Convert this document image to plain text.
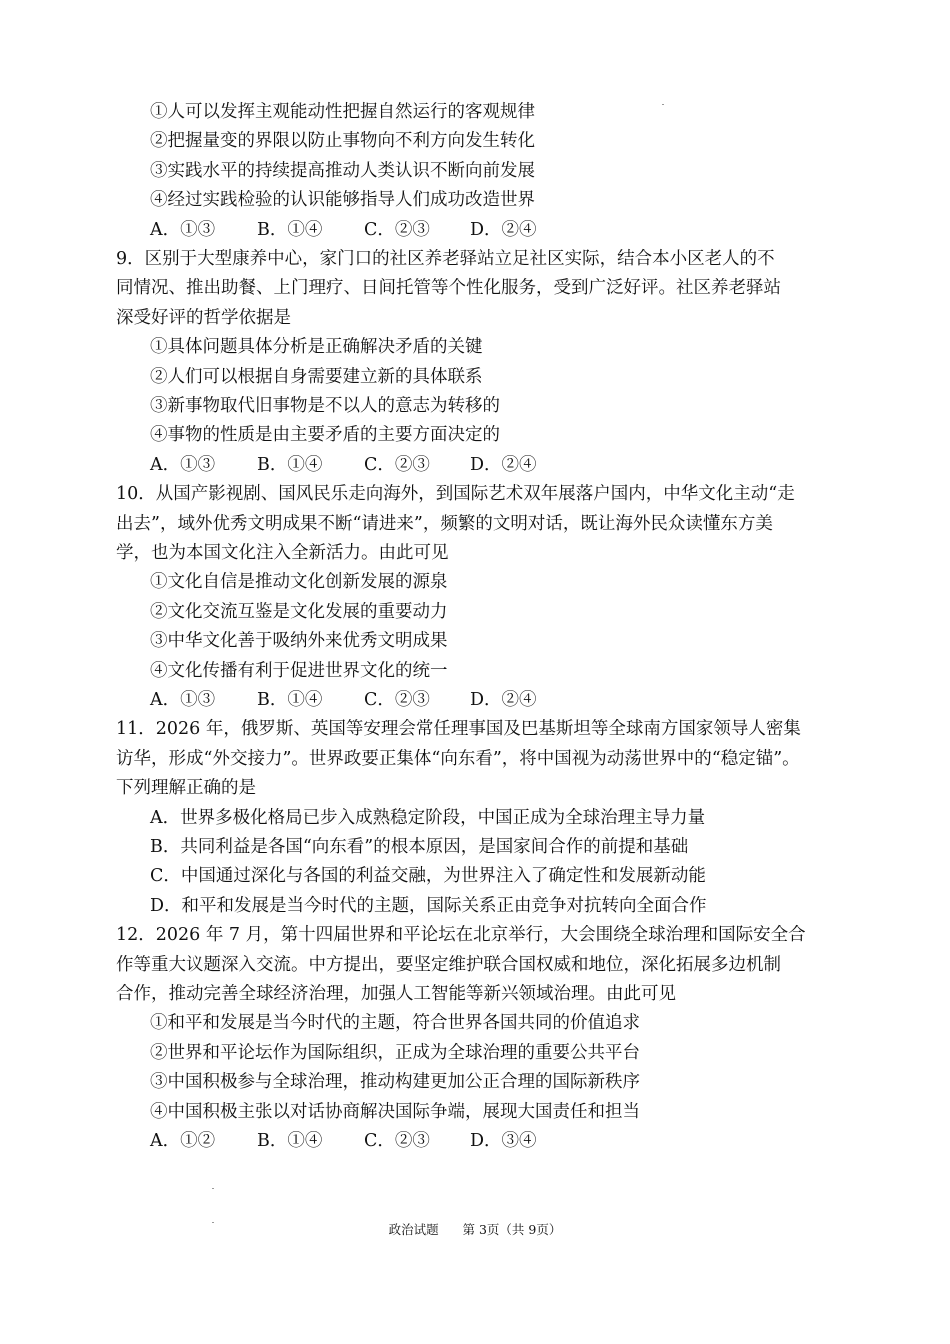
①人可以发挥主观能动性把握自然运行的客观规律
②把握量变的界限以防止事物向不利方向发生转化
③实践水平的持续提高推动人类认识不断向前发展
④经过实践检验的认识能够指导人们成功改造世界
A．①③ B．①④ C．②③ D．②④
9．区别于大型康养中心，家门口的社区养老驿站立足社区实际，结合本小区老人的不
同情况、推出助餐、上门理疗、日间托管等个性化服务，受到广泛好评。社区养老驿站
深受好评的哲学依据是
①具体问题具体分析是正确解决矛盾的关键
②人们可以根据自身需要建立新的具体联系
③新事物取代旧事物是不以人的意志为转移的
④事物的性质是由主要矛盾的主要方面决定的
A．①③ B．①④ C．②③ D．②④
10．从国产影视剧、国风民乐走向海外，到国际艺术双年展落户国内，中华文化主动“走
出去”，域外优秀文明成果不断“请进来”，频繁的文明对话，既让海外民众读懂东方美
学，也为本国文化注入全新活力。由此可见
①文化自信是推动文化创新发展的源泉
②文化交流互鉴是文化发展的重要动力
③中华文化善于吸纳外来优秀文明成果
④文化传播有利于促进世界文化的统一
A．①③ B．①④ C．②③ D．②④
11．2026 年，俄罗斯、英国等安理会常任理事国及巴基斯坦等全球南方国家领导人密集
访华，形成“外交接力”。世界政要正集体“向东看”，将中国视为动荡世界中的“稳定锚”。
下列理解正确的是
A．世界多极化格局已步入成熟稳定阶段，中国正成为全球治理主导力量
B．共同利益是各国“向东看”的根本原因，是国家间合作的前提和基础
C．中国通过深化与各国的利益交融，为世界注入了确定性和发展新动能
D．和平和发展是当今时代的主题，国际关系正由竞争对抗转向全面合作
12．2026 年 7 月，第十四届世界和平论坛在北京举行，大会围绕全球治理和国际安全合
作等重大议题深入交流。中方提出，要坚定维护联合国权威和地位，深化拓展多边机制
合作，推动完善全球经济治理，加强人工智能等新兴领域治理。由此可见
①和平和发展是当今时代的主题，符合世界各国共同的价值追求
②世界和平论坛作为国际组织，正成为全球治理的重要公共平台
③中国积极参与全球治理，推动构建更加公正合理的国际新秩序
④中国积极主张以对话协商解决国际争端，展现大国责任和担当
A．①② B．①④ C．②③ D．③④
政治试题 第 3页（共 9页）
